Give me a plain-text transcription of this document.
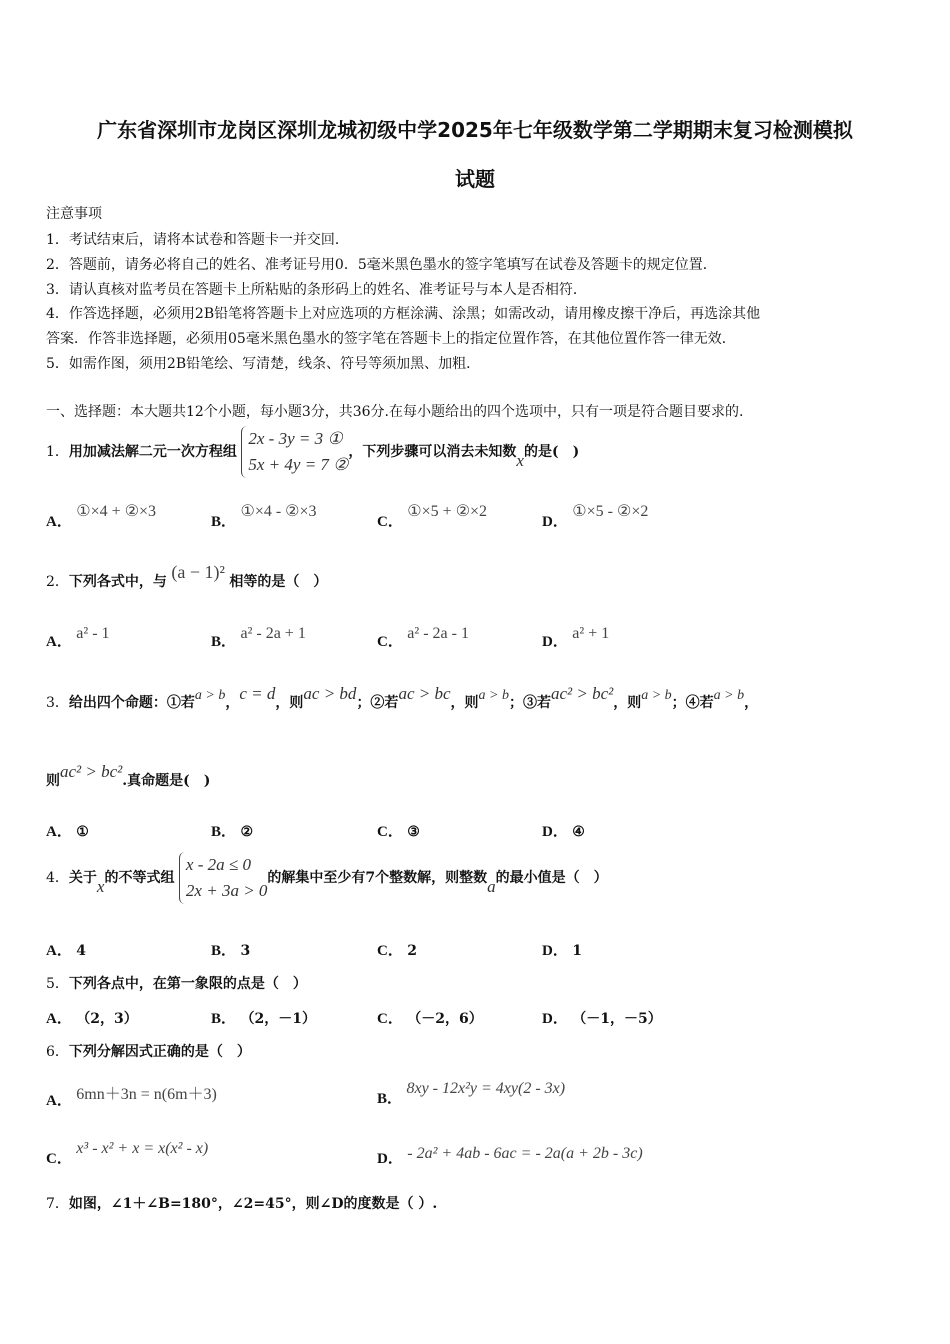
广东省深圳市龙岗区深圳龙城初级中学2025年七年级数学第二学期期末复习检测模拟
试题
注意事项
1．考试结束后，请将本试卷和答题卡一并交回．
2．答题前，请务必将自己的姓名、准考证号用0．5毫米黑色墨水的签字笔填写在试卷及答题卡的规定位置．
3．请认真核对监考员在答题卡上所粘贴的条形码上的姓名、准考证号与本人是否相符．
4．作答选择题，必须用2B铅笔将答题卡上对应选项的方框涂满、涂黑；如需改动，请用橡皮擦干净后，再选涂其他
答案．作答非选择题，必须用05毫米黑色墨水的签字笔在答题卡上的指定位置作答，在其他位置作答一律无效．
5．如需作图，须用2B铅笔绘、写清楚，线条、符号等须加黑、加粗．
一、选择题：本大题共12个小题，每小题3分，共36分.在每小题给出的四个选项中，只有一项是符合题目要求的.
1．用加减法解二元一次方程组
2x - 3y = 3 ①
5x + 4y = 7 ②
，下列步骤可以消去未知数x的是(　)
A． ①×4 + ②×3
B． ①×4 - ②×3
C． ①×5 + ②×2
D． ①×5 - ②×2
2．下列各式中，与 (a − 1)² 相等的是（　）
A． a² - 1	B． a² - 2a + 1	C． a² - 2a - 1	D． a² + 1
3．给出四个命题：①若a > b，c = d，则ac > bd；②若ac > bc，则a > b；③若ac² > bc²，则a > b；④若a > b，
则ac² > bc².真命题是(　)
A． ①	B． ②	C． ③	D． ④
4．关于x的不等式组
x - 2a ≤ 0
2x + 3a > 0
的解集中至少有7个整数解，则整数a的最小值是（　）
A． 4	B． 3	C． 2	D． 1
5．下列各点中，在第一象限的点是（　）
A． （2，3）	B． （2，－1）	C． （－2，6）	D． （－1，－5）
6．下列分解因式正确的是（　）
A． 6mn＋3n = n(6m＋3)	B． 8xy - 12x²y = 4xy(2 - 3x)
C． x³ - x² + x = x(x² - x)
D． - 2a² + 4ab - 6ac = - 2a(a + 2b - 3c)
7．如图，∠1＋∠B=180°，∠2=45°，则∠D的度数是（ ）.
